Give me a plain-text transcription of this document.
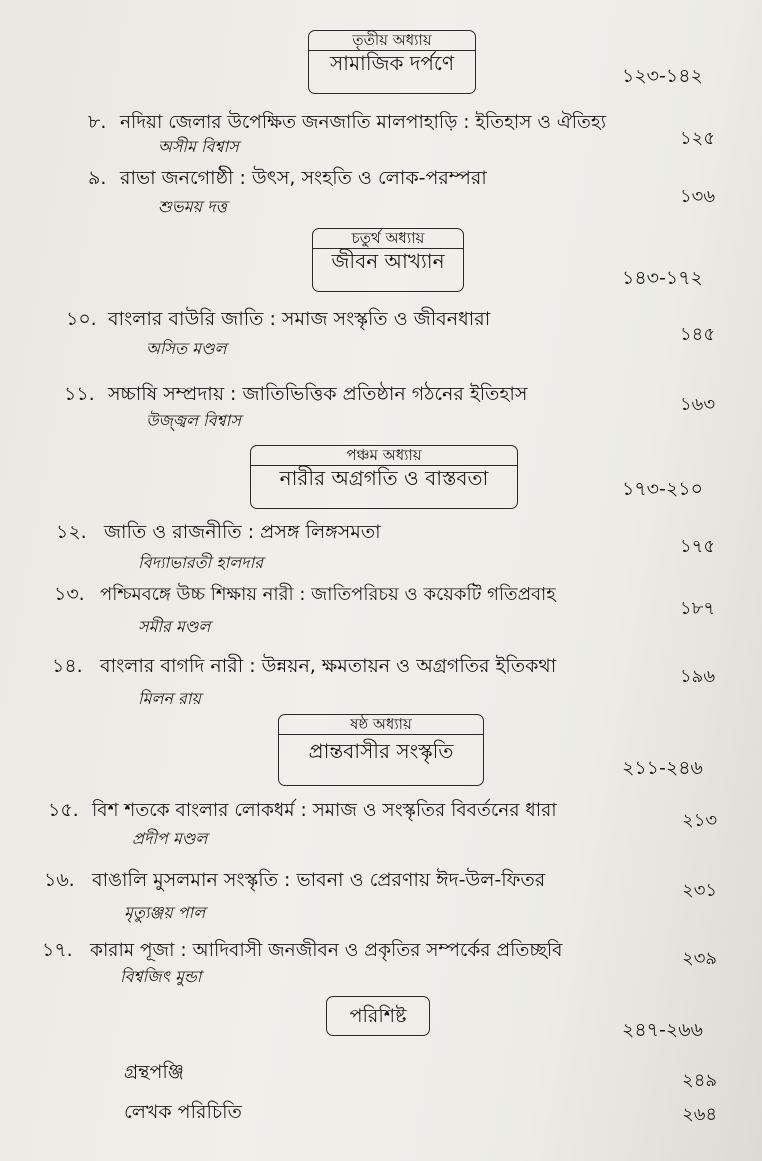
তৃতীয় অধ্যায়
সামাজিক দর্পণে
১২৩-১৪২
৮. নদিয়া জেলার উপেক্ষিত জনজাতি মালপাহাড়ি : ইতিহাস ও ঐতিহ্য
১২৫
অসীম বিশ্বাস
৯. রাভা জনগোষ্ঠী : উৎস, সংহতি ও লোক-পরম্পরা
১৩৬
শুভময় দত্ত
চতুর্থ অধ্যায়
জীবন আখ্যান
১৪৩-১৭২
১০. বাংলার বাউরি জাতি : সমাজ সংস্কৃতি ও জীবনধারা
১৪৫
অসিত মণ্ডল
১১. সচ্চাষি সম্প্রদায় : জাতিভিত্তিক প্রতিষ্ঠান গঠনের ইতিহাস	১৬৩
উজ্জ্বল বিশ্বাস
পঞ্চম অধ্যায়
নারীর অগ্রগতি ও বাস্তবতা	১৭৩-২১০
১২. জাতি ও রাজনীতি : প্রসঙ্গ লিঙ্গসমতা
১৭৫
বিদ্যাভারতী হালদার
১৩. পশ্চিমবঙ্গে উচ্চ শিক্ষায় নারী : জাতিপরিচয় ও কয়েকটি গতিপ্রবাহ
১৮৭
সমীর মণ্ডল
১৪. বাংলার বাগদি নারী : উন্নয়ন, ক্ষমতায়ন ও অগ্রগতির ইতিকথা	১৯৬
মিলন রায়
ষষ্ঠ অধ্যায়
প্রান্তবাসীর সংস্কৃতি
২১১-২৪৬
১৫. বিশ শতকে বাংলার লোকধর্ম : সমাজ ও সংস্কৃতির বিবর্তনের ধারা	২১৩
প্রদীপ মণ্ডল
১৬. বাঙালি মুসলমান সংস্কৃতি : ভাবনা ও প্রেরণায় ঈদ-উল-ফিতর	২৩১
মৃত্যুঞ্জয় পাল
১৭. কারাম পূজা : আদিবাসী জনজীবন ও প্রকৃতির সম্পর্কের প্রতিচ্ছবি	২৩৯
বিশ্বজিৎ মুন্ডা
পরিশিষ্ট
২৪৭-২৬৬
গ্রন্থপঞ্জি	২৪৯
লেখক পরিচিতি	২৬৪
